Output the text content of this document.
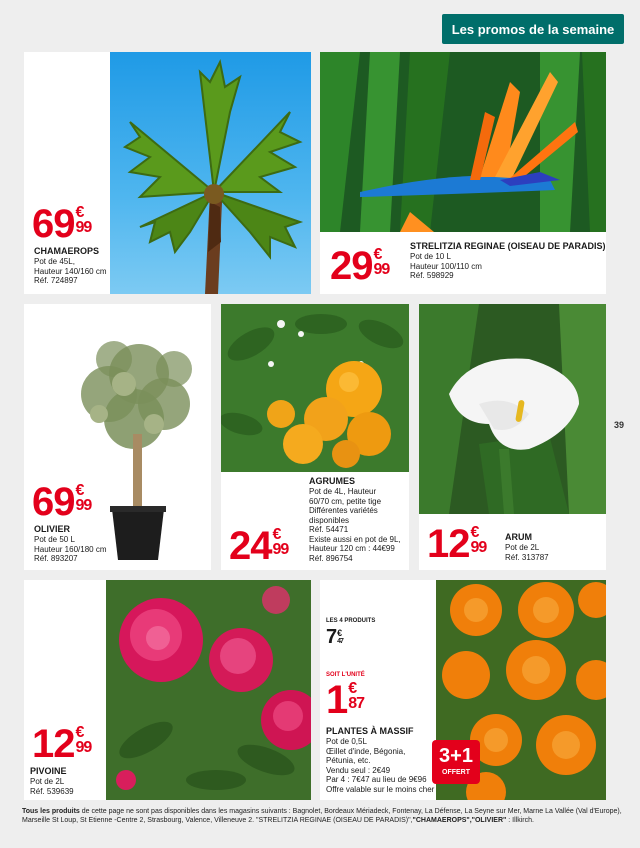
Les promos de la semaine
69 €
99
CHAMAEROPS
Pot de 45L,
Hauteur 140/160 cm
Réf. 724897	29 €
99
STRELITZIA REGINAE (OISEAU DE PARADIS)
Pot de 10 L
Hauteur 100/110 cm
Réf. 598929
69 €
99
OLIVIER
Pot de 50 L
Hauteur 160/180 cm
Réf. 893207	24 €
99
AGRUMES
Pot de 4L, Hauteur
60/70 cm, petite tige
Différentes variétés
disponibles
Réf. 54471
Existe aussi en pot de 9L,
Hauteur 120 cm : 44€99
Réf. 896754	12 €
99
ARUM
Pot de 2L
Réf. 313787
39
12 €
99
PIVOINE
Pot de 2L
Réf. 539639
3+1
OFFERT
LES 4 PRODUITS
7 €
47
SOIT L'UNITÉ
1 €
87
PLANTES À MASSIF
Pot de 0,5L
Œillet d'inde, Bégonia,
Pétunia, etc.
Vendu seul : 2€49
Par 4 : 7€47 au lieu de 9€96
Offre valable sur le moins cher
Tous les produits de cette page ne sont pas disponibles dans les magasins suivants : Bagnolet, Bordeaux Mériadeck, Fontenay, La Défense, La Seyne sur Mer, Marne La Vallée (Val d'Europe), Marseille St Loup, St Etienne -Centre 2, Strasbourg, Valence, Villeneuve 2. "STRELITZIA REGINAE (OISEAU DE PARADIS)","CHAMAEROPS","OLIVIER" : Illkirch.
